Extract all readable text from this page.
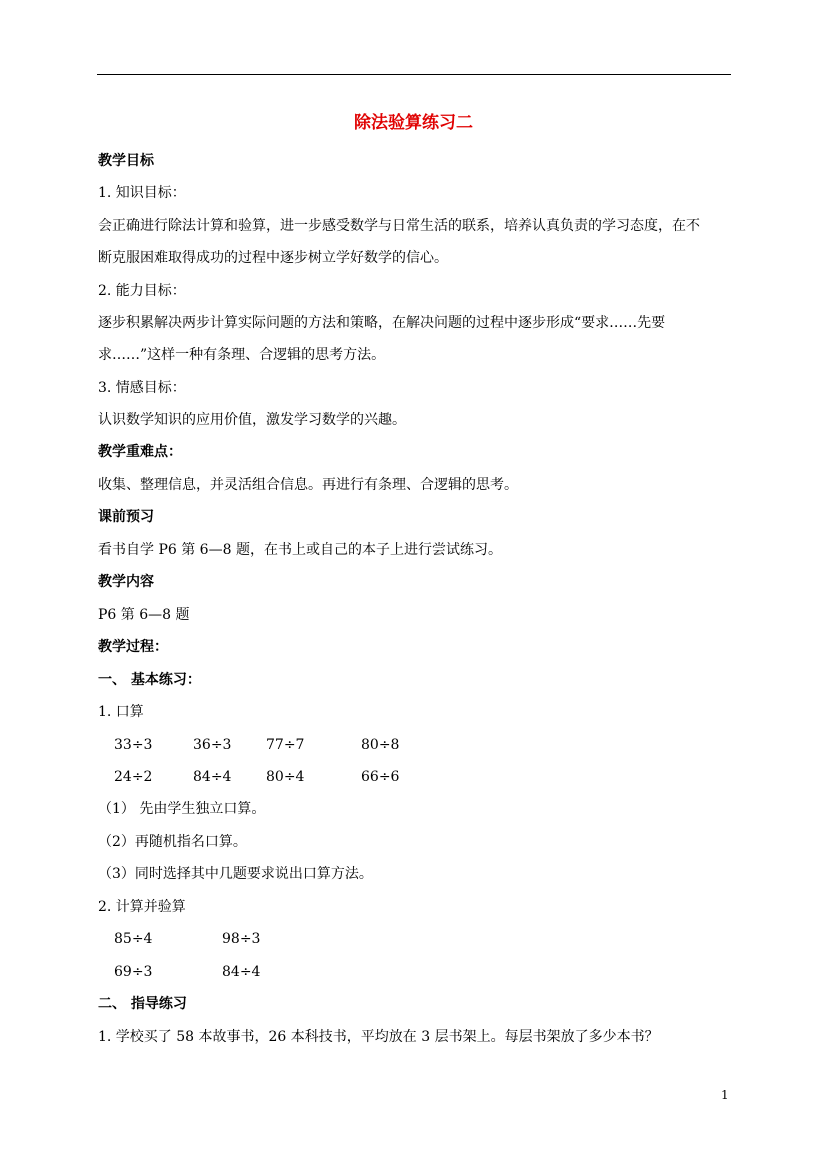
除法验算练习二
教学目标
1. 知识目标：
会正确进行除法计算和验算，进一步感受数学与日常生活的联系，培养认真负责的学习态度，在不
断克服困难取得成功的过程中逐步树立学好数学的信心。
2. 能力目标：
逐步积累解决两步计算实际问题的方法和策略，在解决问题的过程中逐步形成“要求……先要
求……”这样一种有条理、合逻辑的思考方法。
3. 情感目标：
认识数学知识的应用价值，激发学习数学的兴趣。
教学重难点：
收集、整理信息，并灵活组合信息。再进行有条理、合逻辑的思考。
课前预习
看书自学 P6 第 6—8 题，在书上或自己的本子上进行尝试练习。
教学内容
P6 第 6—8 题
教学过程：
一、 基本练习：
1. 口算
33÷3	36÷3 77÷7	80÷8
24÷2	84÷4 80÷4	66÷6
（1） 先由学生独立口算。
（2）再随机指名口算。
（3）同时选择其中几题要求说出口算方法。
2. 计算并验算
85÷4	98÷3
69÷3	84÷4
二、 指导练习
1. 学校买了 58 本故事书，26 本科技书，平均放在 3 层书架上。每层书架放了多少本书？
1
